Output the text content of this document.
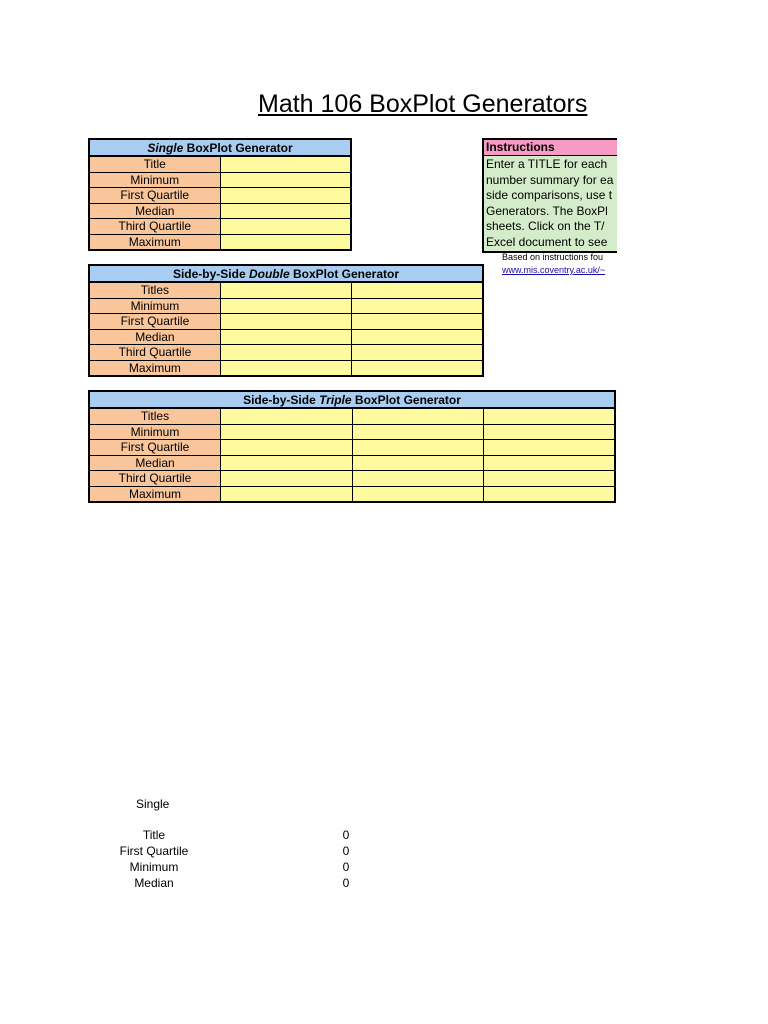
Math 106 BoxPlot Generators
Single BoxPlot Generator	
Title	
Minimum	
First Quartile	
Median	
Third Quartile	
Maximum	
Instructions
Enter a TITLE for each
number summary for ea
side comparisons, use t
Generators. The BoxPl
sheets. Click on the T/
Excel document to see
Based on instructions fou
www.mis.coventry.ac.uk/~
Side-by-Side Double BoxPlot Generator		
Titles		
Minimum		
First Quartile		
Median		
Third Quartile		
Maximum		
Side-by-Side Triple BoxPlot Generator			
Titles			
Minimum			
First Quartile			
Median			
Third Quartile			
Maximum			
Single
Title	0
First Quartile	0
Minimum	0
Median	0
